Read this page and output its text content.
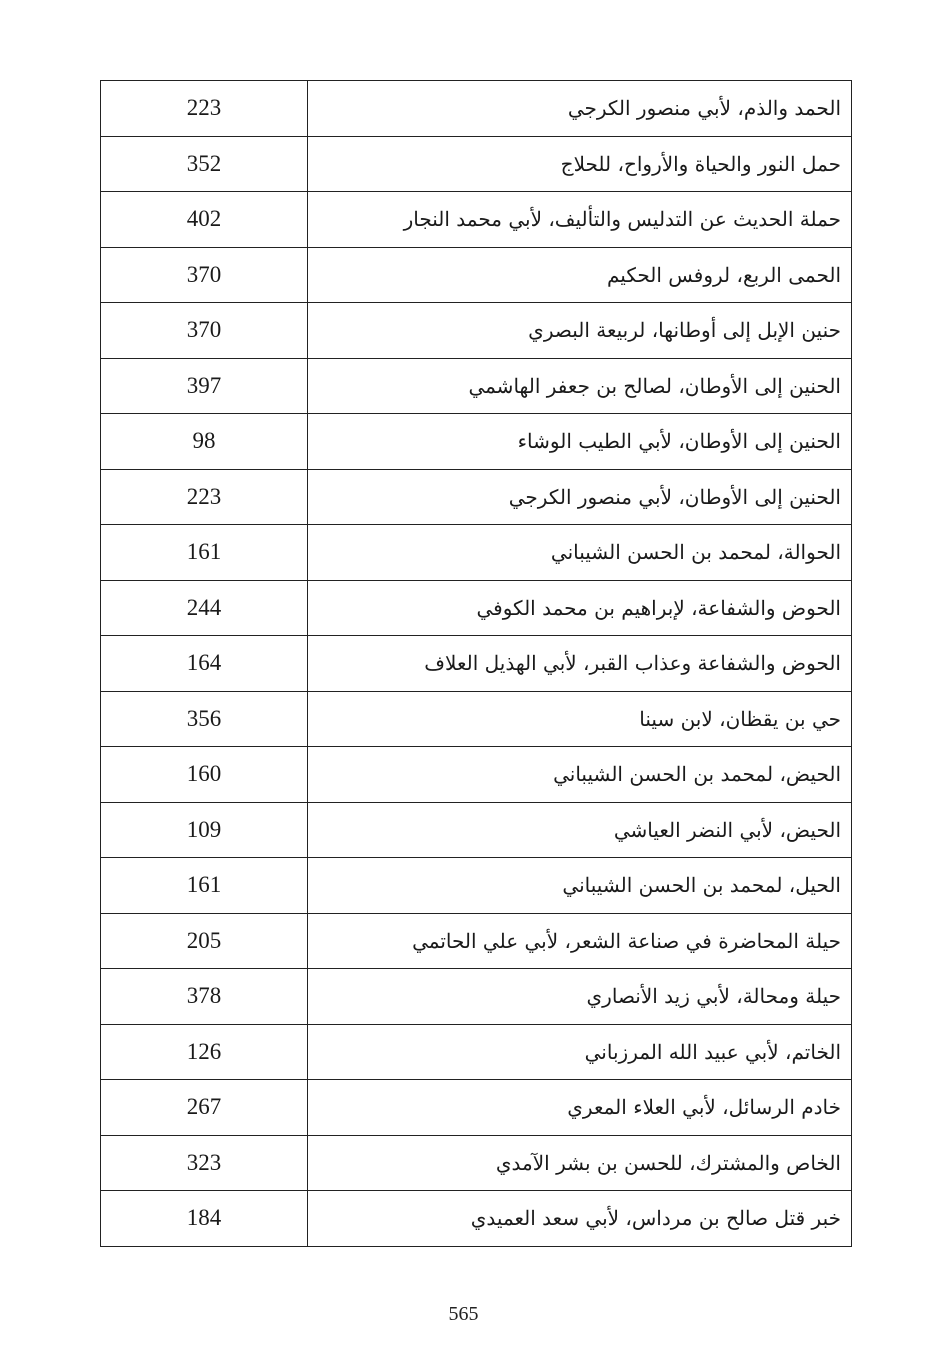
223	الحمد والذم، لأبي منصور الكرجي
352	حمل النور والحياة والأرواح، للحلاج
402	حملة الحديث عن التدليس والتأليف، لأبي محمد النجار
370	الحمى الربع، لروفس الحكيم
370	حنين الإبل إلى أوطانها، لربيعة البصري
397	الحنين إلى الأوطان، لصالح بن جعفر الهاشمي
98	الحنين إلى الأوطان، لأبي الطيب الوشاء
223	الحنين إلى الأوطان، لأبي منصور الكرجي
161	الحوالة، لمحمد بن الحسن الشيباني
244	الحوض والشفاعة، لإبراهيم بن محمد الكوفي
164	الحوض والشفاعة وعذاب القبر، لأبي الهذيل العلاف
356	حي بن يقظان، لابن سينا
160	الحيض، لمحمد بن الحسن الشيباني
109	الحيض، لأبي النضر العياشي
161	الحيل، لمحمد بن الحسن الشيباني
205	حيلة المحاضرة في صناعة الشعر، لأبي علي الحاتمي
378	حيلة ومحالة، لأبي زيد الأنصاري
126	الخاتم، لأبي عبيد الله المرزباني
267	خادم الرسائل، لأبي العلاء المعري
323	الخاص والمشترك، للحسن بن بشر الآمدي
184	خبر قتل صالح بن مرداس، لأبي سعد العميدي
565
